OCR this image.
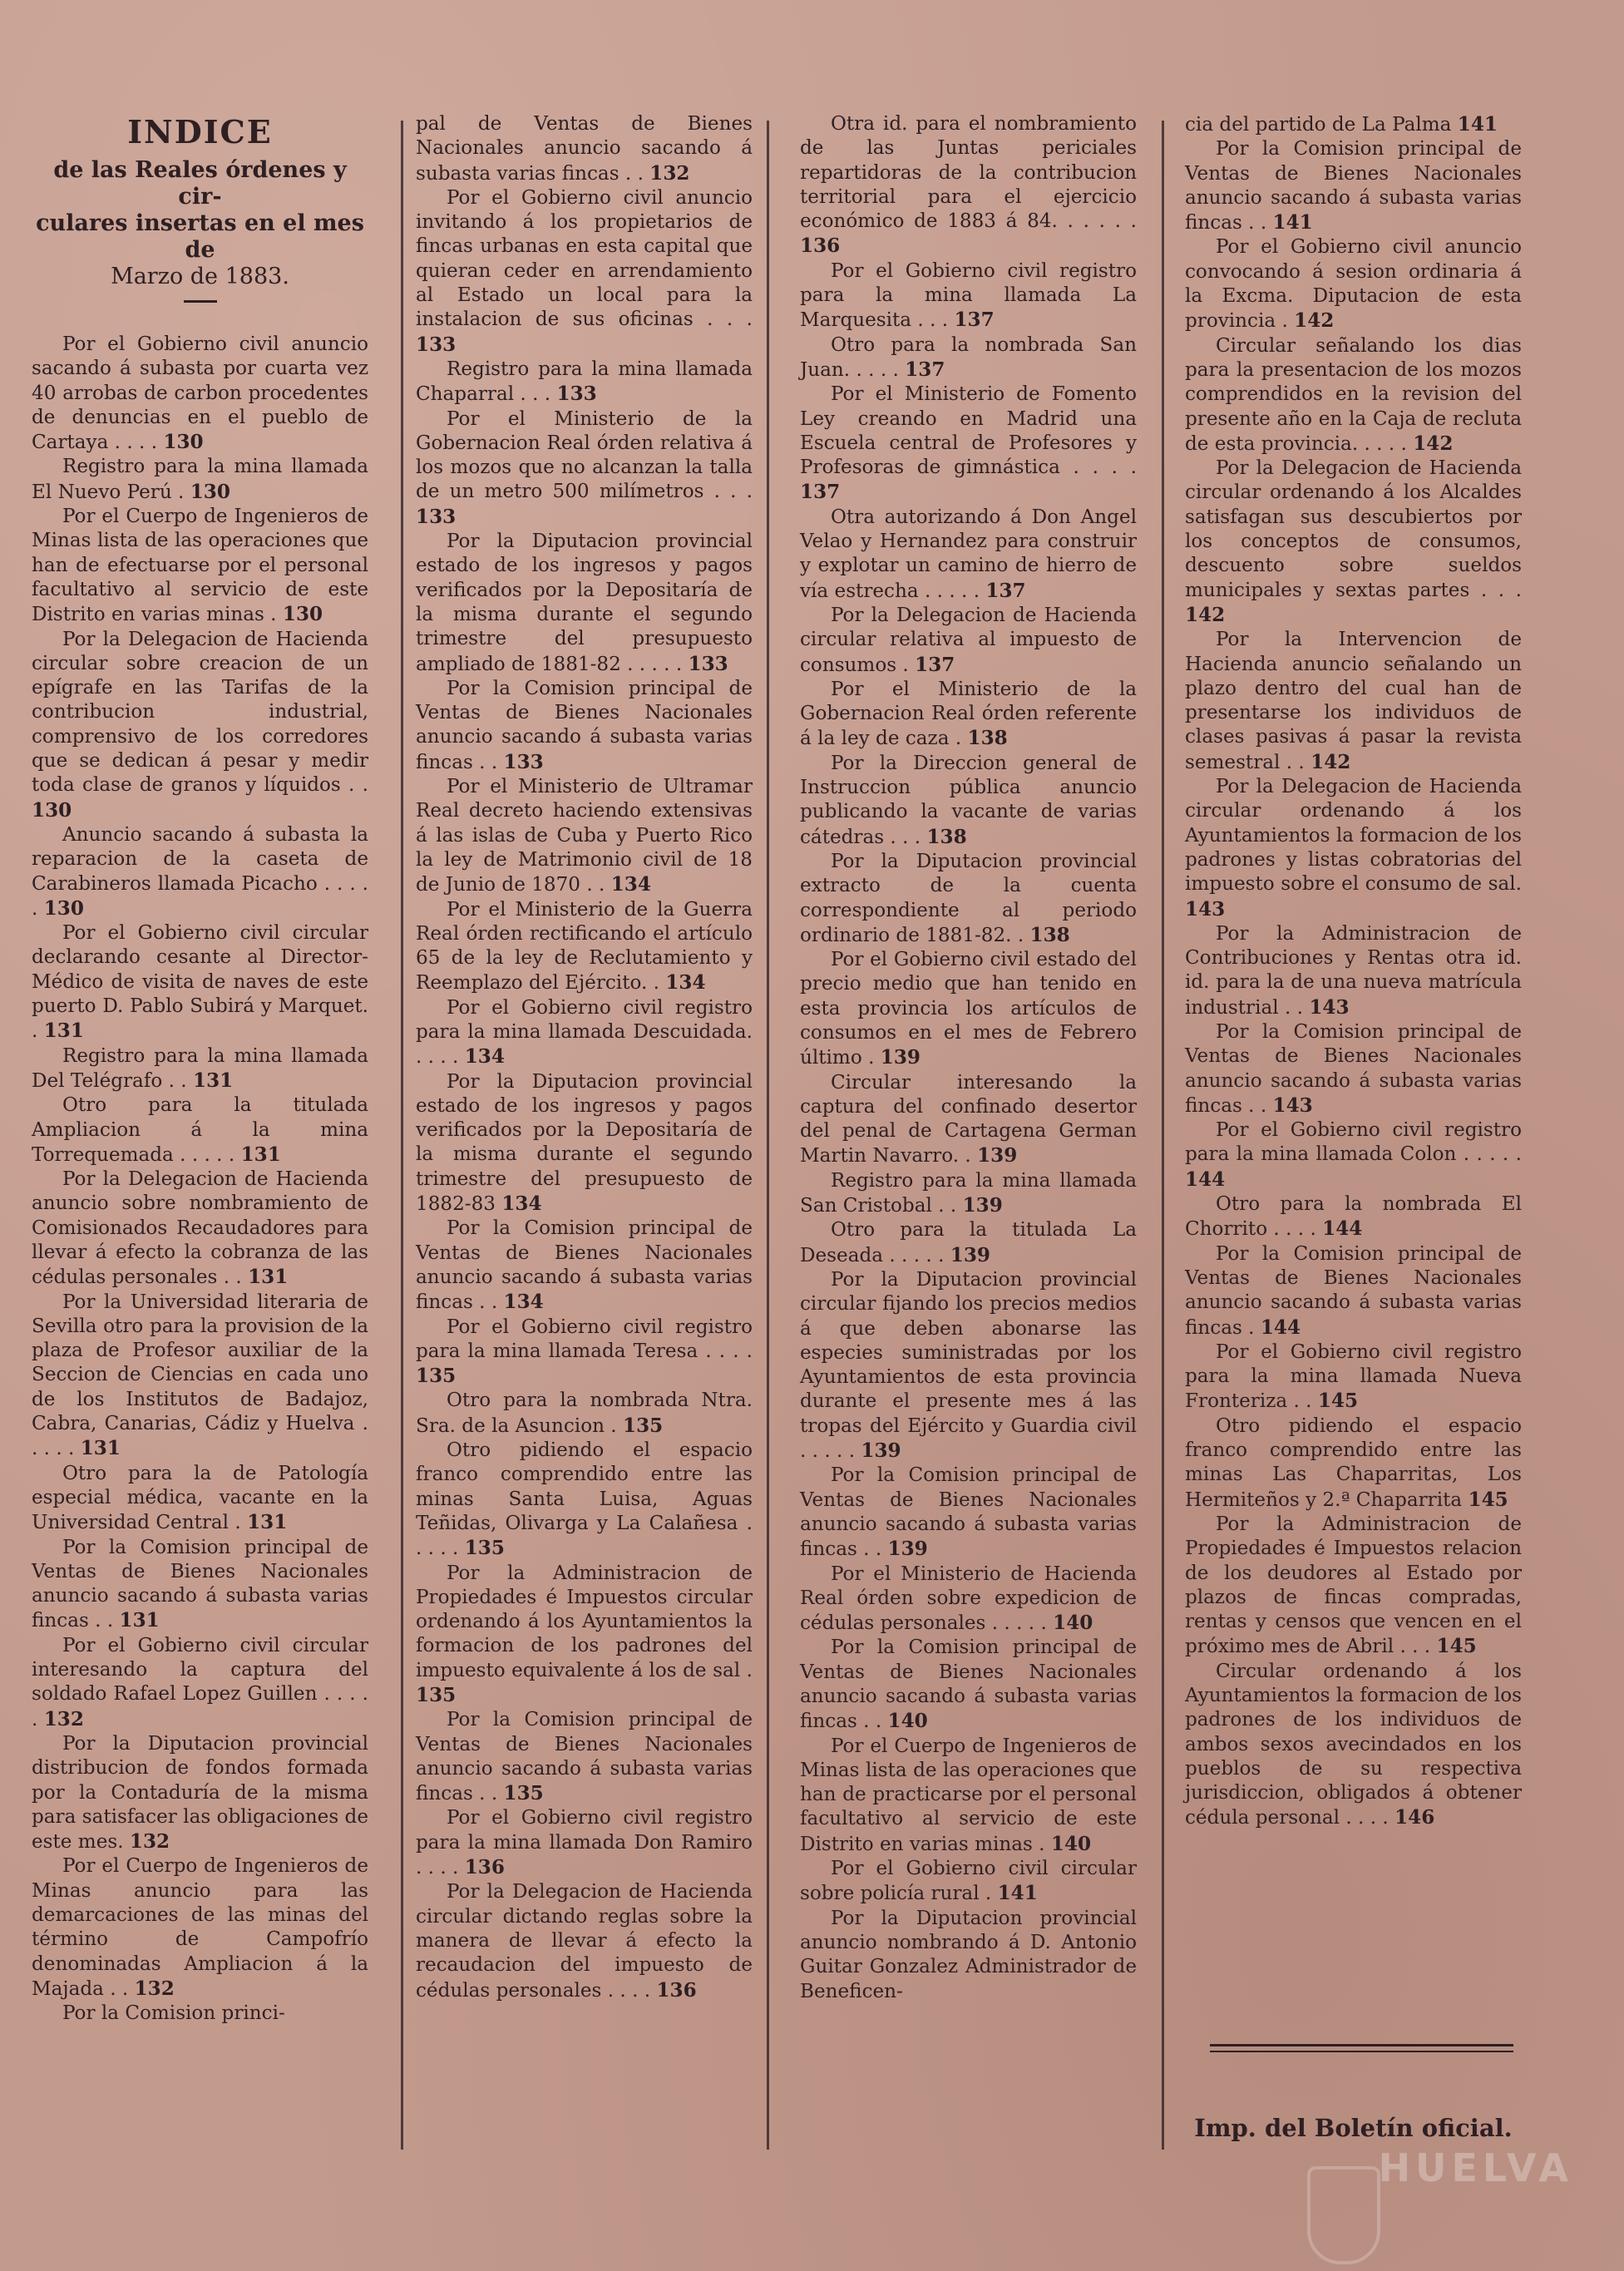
INDICE

de las Reales órdenes y cir-

culares insertas en el mes de

Marzo de 1883.

Por el Gobierno civil anuncio sacando á subasta por cuarta vez 40 arrobas de carbon procedentes de denuncias en el pueblo de Cartaya . . . . 130

Registro para la mina llamada El Nuevo Perú . 130

Por el Cuerpo de Ingenieros de Minas lista de las operaciones que han de efectuarse por el personal facultativo al servicio de este Distrito en varias minas . 130

Por la Delegacion de Hacienda circular sobre creacion de un epígrafe en las Tarifas de la contribucion industrial, comprensivo de los corredores que se dedican á pesar y medir toda clase de granos y líquidos . . 130

Anuncio sacando á subasta la reparacion de la caseta de Carabineros llamada Picacho . . . . . 130

Por el Gobierno civil circular declarando cesante al Director-Médico de visita de naves de este puerto D. Pablo Subirá y Marquet. . 131

Registro para la mina llamada Del Telégrafo . . 131

Otro para la titulada Ampliacion á la mina Torrequemada . . . . . 131

Por la Delegacion de Hacienda anuncio sobre nombramiento de Comisionados Recaudadores para llevar á efecto la cobranza de las cédulas personales . . 131

Por la Universidad literaria de Sevilla otro para la provision de la plaza de Profesor auxiliar de la Seccion de Ciencias en cada uno de los Institutos de Badajoz, Cabra, Canarias, Cádiz y Huelva . . . . . 131

Otro para la de Patología especial médica, vacante en la Universidad Central . 131

Por la Comision principal de Ventas de Bienes Nacionales anuncio sacando á subasta varias fincas . . 131

Por el Gobierno civil circular interesando la captura del soldado Rafael Lopez Guillen . . . . . 132

Por la Diputacion provincial distribucion de fondos formada por la Contaduría de la misma para satisfacer las obligaciones de este mes. 132

Por el Cuerpo de Ingenieros de Minas anuncio para las demarcaciones de las minas del término de Campofrío denominadas Ampliacion á la Majada . . 132

Por la Comision princi-

pal de Ventas de Bienes Nacionales anuncio sacando á subasta varias fincas . . 132

Por el Gobierno civil anuncio invitando á los propietarios de fincas urbanas en esta capital que quieran ceder en arrendamiento al Estado un local para la instalacion de sus oficinas . . . 133

Registro para la mina llamada Chaparral . . . 133

Por el Ministerio de la Gobernacion Real órden relativa á los mozos que no alcanzan la talla de un metro 500 milímetros . . . 133

Por la Diputacion provincial estado de los ingresos y pagos verificados por la Depositaría de la misma durante el segundo trimestre del presupuesto ampliado de 1881-82 . . . . . 133

Por la Comision principal de Ventas de Bienes Nacionales anuncio sacando á subasta varias fincas . . 133

Por el Ministerio de Ultramar Real decreto haciendo extensivas á las islas de Cuba y Puerto Rico la ley de Matrimonio civil de 18 de Junio de 1870 . . 134

Por el Ministerio de la Guerra Real órden rectificando el artículo 65 de la ley de Reclutamiento y Reemplazo del Ejército. . 134

Por el Gobierno civil registro para la mina llamada Descuidada. . . . . 134

Por la Diputacion provincial estado de los ingresos y pagos verificados por la Depositaría de la misma durante el segundo trimestre del presupuesto de 1882-83 134

Por la Comision principal de Ventas de Bienes Nacionales anuncio sacando á subasta varias fincas . . 134

Por el Gobierno civil registro para la mina llamada Teresa . . . . 135

Otro para la nombrada Ntra. Sra. de la Asuncion . 135

Otro pidiendo el espacio franco comprendido entre las minas Santa Luisa, Aguas Teñidas, Olivarga y La Calañesa . . . . . 135

Por la Administracion de Propiedades é Impuestos circular ordenando á los Ayuntamientos la formacion de los padrones del impuesto equivalente á los de sal . 135

Por la Comision principal de Ventas de Bienes Nacionales anuncio sacando á subasta varias fincas . . 135

Por el Gobierno civil registro para la mina llamada Don Ramiro . . . . 136

Por la Delegacion de Hacienda circular dictando reglas sobre la manera de llevar á efecto la recaudacion del impuesto de cédulas personales . . . . 136

Otra id. para el nombramiento de las Juntas periciales repartidoras de la contribucion territorial para el ejercicio económico de 1883 á 84. . . . . . 136

Por el Gobierno civil registro para la mina llamada La Marquesita . . . 137

Otro para la nombrada San Juan. . . . . 137

Por el Ministerio de Fomento Ley creando en Madrid una Escuela central de Profesores y Profesoras de gimnástica . . . . 137

Otra autorizando á Don Angel Velao y Hernandez para construir y explotar un camino de hierro de vía estrecha . . . . . 137

Por la Delegacion de Hacienda circular relativa al impuesto de consumos . 137

Por el Ministerio de la Gobernacion Real órden referente á la ley de caza . 138

Por la Direccion general de Instruccion pública anuncio publicando la vacante de varias cátedras . . . 138

Por la Diputacion provincial extracto de la cuenta correspondiente al periodo ordinario de 1881-82. . 138

Por el Gobierno civil estado del precio medio que han tenido en esta provincia los artículos de consumos en el mes de Febrero último . 139

Circular interesando la captura del confinado desertor del penal de Cartagena German Martin Navarro. . 139

Registro para la mina llamada San Cristobal . . 139

Otro para la titulada La Deseada . . . . . 139

Por la Diputacion provincial circular fijando los precios medios á que deben abonarse las especies suministradas por los Ayuntamientos de esta provincia durante el presente mes á las tropas del Ejército y Guardia civil . . . . . 139

Por la Comision principal de Ventas de Bienes Nacionales anuncio sacando á subasta varias fincas . . 139

Por el Ministerio de Hacienda Real órden sobre expedicion de cédulas personales . . . . . 140

Por la Comision principal de Ventas de Bienes Nacionales anuncio sacando á subasta varias fincas . . 140

Por el Cuerpo de Ingenieros de Minas lista de las operaciones que han de practicarse por el personal facultativo al servicio de este Distrito en varias minas . 140

Por el Gobierno civil circular sobre policía rural . 141

Por la Diputacion provincial anuncio nombrando á D. Antonio Guitar Gonzalez Administrador de Beneficen-

cia del partido de La Palma 141

Por la Comision principal de Ventas de Bienes Nacionales anuncio sacando á subasta varias fincas . . 141

Por el Gobierno civil anuncio convocando á sesion ordinaria á la Excma. Diputacion de esta provincia . 142

Circular señalando los dias para la presentacion de los mozos comprendidos en la revision del presente año en la Caja de recluta de esta provincia. . . . . 142

Por la Delegacion de Hacienda circular ordenando á los Alcaldes satisfagan sus descubiertos por los conceptos de consumos, descuento sobre sueldos municipales y sextas partes . . . 142

Por la Intervencion de Hacienda anuncio señalando un plazo dentro del cual han de presentarse los individuos de clases pasivas á pasar la revista semestral . . 142

Por la Delegacion de Hacienda circular ordenando á los Ayuntamientos la formacion de los padrones y listas cobratorias del impuesto sobre el consumo de sal. 143

Por la Administracion de Contribuciones y Rentas otra id. id. para la de una nueva matrícula industrial . . 143

Por la Comision principal de Ventas de Bienes Nacionales anuncio sacando á subasta varias fincas . . 143

Por el Gobierno civil registro para la mina llamada Colon . . . . . 144

Otro para la nombrada El Chorrito . . . . 144

Por la Comision principal de Ventas de Bienes Nacionales anuncio sacando á subasta varias fincas . 144

Por el Gobierno civil registro para la mina llamada Nueva Fronteriza . . 145

Otro pidiendo el espacio franco comprendido entre las minas Las Chaparritas, Los Hermiteños y 2.ª Chaparrita 145

Por la Administracion de Propiedades é Impuestos relacion de los deudores al Estado por plazos de fincas compradas, rentas y censos que vencen en el próximo mes de Abril . . . 145

Circular ordenando á los Ayuntamientos la formacion de los padrones de los individuos de ambos sexos avecindados en los pueblos de su respectiva jurisdiccion, obligados á obtener cédula personal . . . . 146

Imp. del Boletín oficial.
HUELVA
